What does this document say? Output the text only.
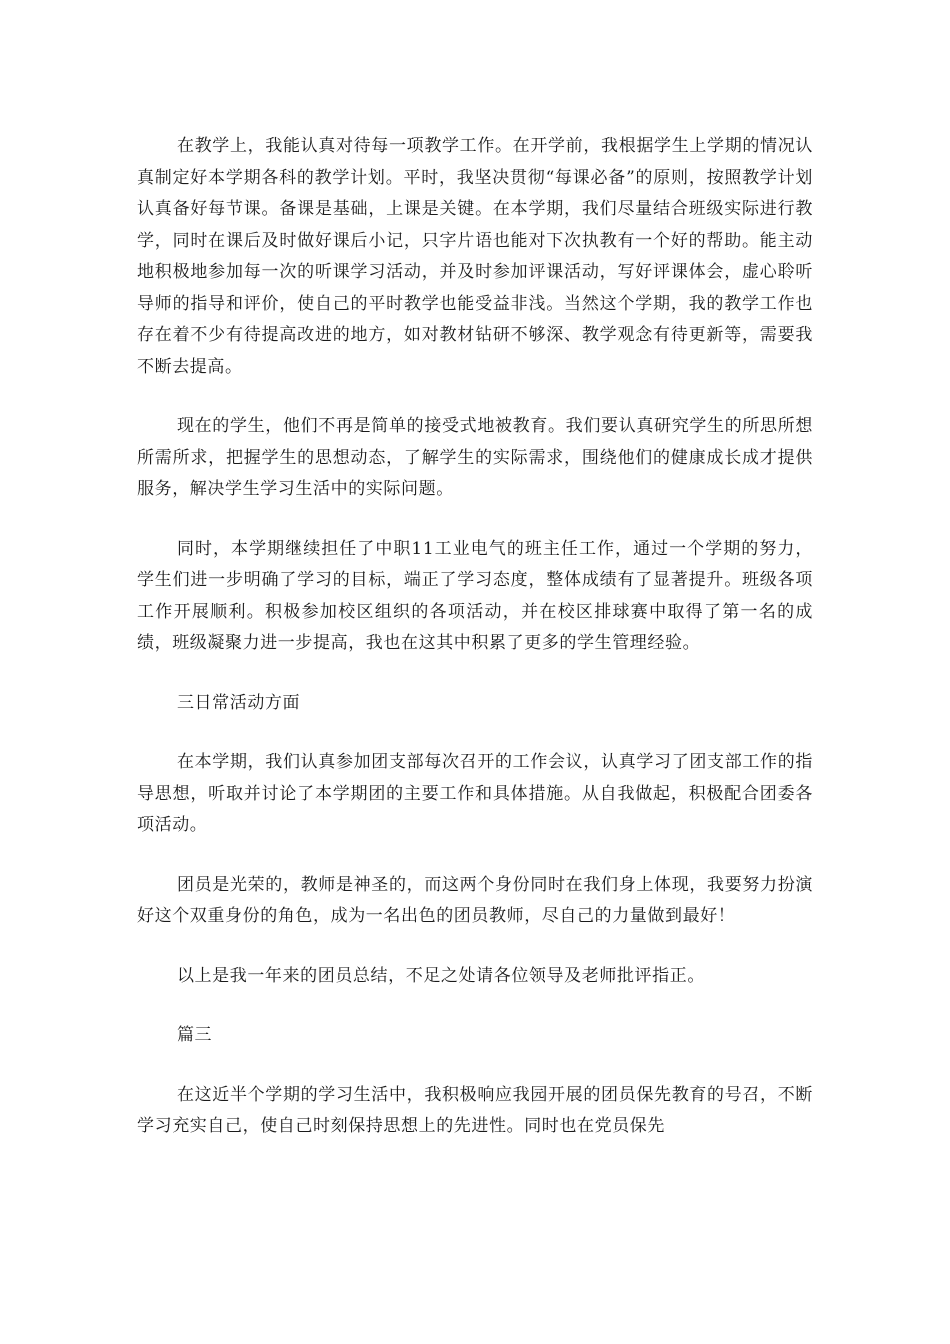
在教学上，我能认真对待每一项教学工作。在开学前，我根据学生上学期的情况认真制定好本学期各科的教学计划。平时，我坚决贯彻“每课必备”的原则，按照教学计划认真备好每节课。备课是基础，上课是关键。在本学期，我们尽量结合班级实际进行教学，同时在课后及时做好课后小记，只字片语也能对下次执教有一个好的帮助。能主动地积极地参加每一次的听课学习活动，并及时参加评课活动，写好评课体会，虚心聆听导师的指导和评价，使自己的平时教学也能受益非浅。当然这个学期，我的教学工作也存在着不少有待提高改进的地方，如对教材钻研不够深、教学观念有待更新等，需要我不断去提高。

现在的学生，他们不再是简单的接受式地被教育。我们要认真研究学生的所思所想所需所求，把握学生的思想动态，了解学生的实际需求，围绕他们的健康成长成才提供服务，解决学生学习生活中的实际问题。

同时，本学期继续担任了中职11工业电气的班主任工作，通过一个学期的努力，学生们进一步明确了学习的目标，端正了学习态度，整体成绩有了显著提升。班级各项工作开展顺利。积极参加校区组织的各项活动，并在校区排球赛中取得了第一名的成绩，班级凝聚力进一步提高，我也在这其中积累了更多的学生管理经验。

三日常活动方面

在本学期，我们认真参加团支部每次召开的工作会议，认真学习了团支部工作的指导思想，听取并讨论了本学期团的主要工作和具体措施。从自我做起，积极配合团委各项活动。

团员是光荣的，教师是神圣的，而这两个身份同时在我们身上体现，我要努力扮演好这个双重身份的角色，成为一名出色的团员教师，尽自己的力量做到最好！

以上是我一年来的团员总结，不足之处请各位领导及老师批评指正。

篇三

在这近半个学期的学习生活中，我积极响应我园开展的团员保先教育的号召，不断学习充实自己，使自己时刻保持思想上的先进性。同时也在党员保先
